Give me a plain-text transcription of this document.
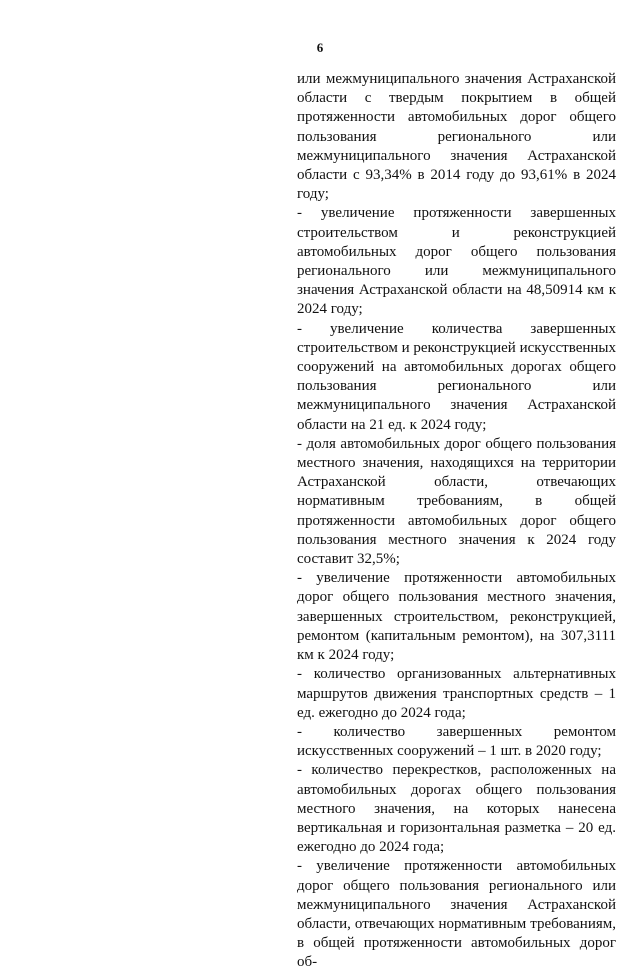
6

или межмуниципального значения Астраханской области с твердым покрытием в общей протяженности автомобильных дорог общего пользования регионального или межмуниципального значения Астраханской области с 93,34% в 2014 году до 93,61% в 2024 году;

- увеличение протяженности завершенных строительством и реконструкцией автомобильных дорог общего пользования регионального или межмуниципального значения Астраханской области на 48,50914 км к 2024 году;

- увеличение количества завершенных строительством и реконструкцией искусственных сооружений на автомобильных дорогах общего пользования регионального или межмуниципального значения Астраханской области на 21 ед. к 2024 году;

- доля автомобильных дорог общего пользования местного значения, находящихся на территории Астраханской области, отвечающих нормативным требованиям, в общей протяженности автомобильных дорог общего пользования местного значения к 2024 году составит 32,5%;

- увеличение протяженности автомобильных дорог общего пользования местного значения, завершенных строительством, реконструкцией, ремонтом (капитальным ремонтом), на 307,3111 км к 2024 году;

- количество организованных альтернативных маршрутов движения транспортных средств – 1 ед. ежегодно до 2024 года;

- количество завершенных ремонтом искусственных сооружений – 1 шт. в 2020 году;

- количество перекрестков, расположенных на автомобильных дорогах общего пользования местного значения, на которых нанесена вертикальная и горизонтальная разметка – 20 ед. ежегодно до 2024 года;

- увеличение протяженности автомобильных дорог общего пользования регионального или межмуниципального значения Астраханской области, отвечающих нормативным требованиям, в общей протяженности автомобильных дорог об-
